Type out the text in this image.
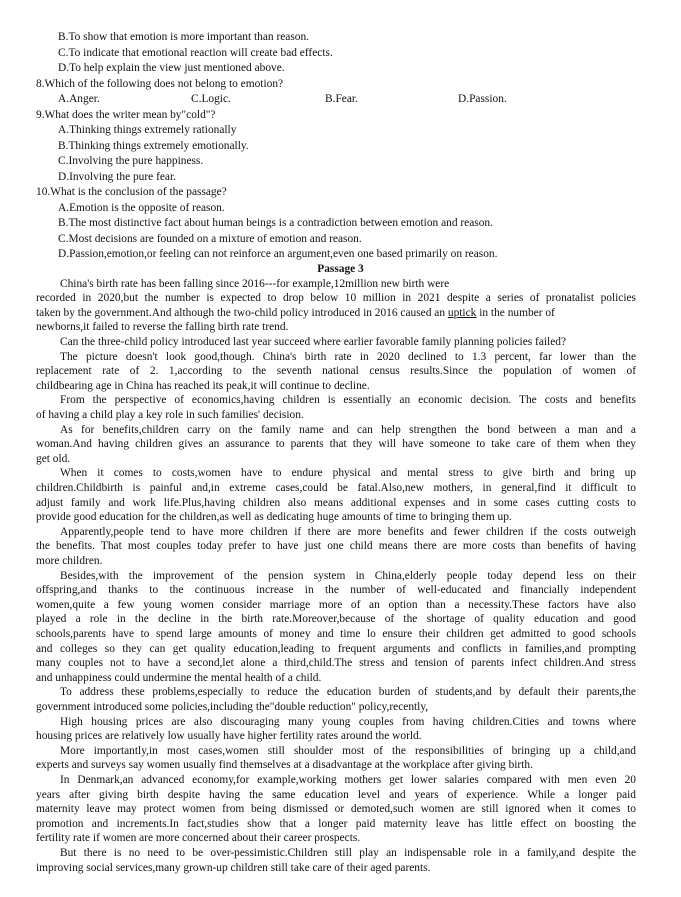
B.To show that emotion is more important than reason.
C.To indicate that emotional reaction will create bad effects.
D.To help explain the view just mentioned above.
8.Which of the following does not belong to emotion?
A.Anger.	C.Logic.	B.Fear.	D.Passion.
9.What does the writer mean by"cold"?
A.Thinking things extremely rationally
B.Thinking things extremely emotionally.
C.Involving the pure happiness.
D.Involving the pure fear.
10.What is the conclusion of the passage?
A.Emotion is the opposite of reason.
B.The most distinctive fact about human beings is a contradiction between emotion and reason.
C.Most decisions are founded on a mixture of emotion and reason.
D.Passion,emotion,or feeling can not reinforce an argument,even one based primarily on reason.
Passage 3
China's birth rate has been falling since 2016---for example,12million new birth were
recorded in 2020,but the number is expected to drop below 10 million in 2021 despite a series of pronatalist policies
taken by the government.And although the two-child policy introduced in 2016 caused an uptick in the number of
newborns,it failed to reverse the falling birth rate trend.
Can the three-child policy introduced last year succeed where earlier favorable family planning policies failed?
The picture doesn't look good,though. China's birth rate in 2020 declined to 1.3 percent, far lower than the
replacement rate of 2. 1,according to the seventh national census results.Since the population of women of
childbearing age in China has reached its peak,it will continue to decline.
From the perspective of economics,having children is essentially an economic decision. The costs and benefits
of having a child play a key role in such families' decision.
As for benefits,children carry on the family name and can help strengthen the bond between a man and a
woman.And having children gives an assurance to parents that they will have someone to take care of them when they
get old.
When it comes to costs,women have to endure physical and mental stress to give birth and bring up
children.Childbirth is painful and,in extreme cases,could be fatal.Also,new mothers, in general,find it difficult to
adjust family and work life.Plus,having children also means additional expenses and in some cases cutting costs to
provide good education for the children,as well as dedicating huge amounts of time to bringing them up.
Apparently,people tend to have more children if there are more benefits and fewer children if the costs outweigh
the benefits. That most couples today prefer to have just one child means there are more costs than benefits of having
more children.
Besides,with the improvement of the pension system in China,elderly people today depend less on their
offspring,and thanks to the continuous increase in the number of well-educated and financially independent
women,quite a few young women consider marriage more of an option than a necessity.These factors have also
played a role in the decline in the birth rate.Moreover,because of the shortage of quality education and good
schools,parents have to spend large amounts of money and time lo ensure their children get admitted to good schools
and colleges so they can get quality education,leading to frequent arguments and conflicts in families,and prompting
many couples not to have a second,let alone a third,child.The stress and tension of parents infect children.And stress
and unhappiness could undermine the mental health of a child.
To address these problems,especially to reduce the education burden of students,and by default their parents,the
government introduced some policies,including the"double reduction" policy,recently,
High housing prices are also discouraging many young couples from having children.Cities and towns where
housing prices are relatively low usually have higher fertility rates around the world.
More importantly,in most cases,women still shoulder most of the responsibilities of bringing up a child,and
experts and surveys say women usually find themselves at a disadvantage at the workplace after giving birth.
In Denmark,an advanced economy,for example,working mothers get lower salaries compared with men even 20
years after giving birth despite having the same education level and years of experience. While a longer paid
maternity leave may protect women from being dismissed or demoted,such women are still ignored when it comes to
promotion and increments.In fact,studies show that a longer paid maternity leave has little effect on boosting the
fertility rate if women are more concerned about their career prospects.
But there is no need to be over-pessimistic.Children still play an indispensable role in a family,and despite the
improving social services,many grown-up children still take care of their aged parents.
